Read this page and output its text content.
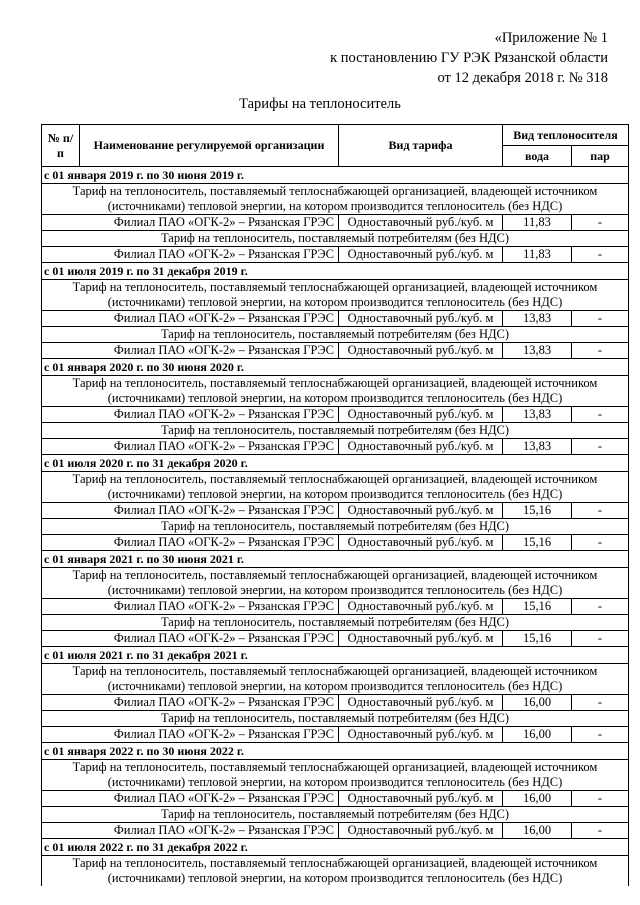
«Приложение № 1
к постановлению ГУ РЭК Рязанской области
от 12 декабря 2018 г. № 318
Тарифы на теплоноситель
№ п/п	Наименование регулируемой организации	Вид тарифа	Вид теплоносителя	
			вода	пар
с 01 января 2019 г. по 30 июня 2019 г.				
Тариф на теплоноситель, поставляемый теплоснабжающей организацией, владеющей источником (источниками) тепловой энергии, на котором производится теплоноситель (без НДС)				
Филиал ПАО «ОГК-2» – Рязанская ГРЭС		Одноставочный руб./куб. м	11,83	-
Тариф на теплоноситель, поставляемый потребителям (без НДС)				
Филиал ПАО «ОГК-2» – Рязанская ГРЭС		Одноставочный руб./куб. м	11,83	-
с 01 июля 2019 г. по 31 декабря 2019 г.				
Тариф на теплоноситель, поставляемый теплоснабжающей организацией, владеющей источником (источниками) тепловой энергии, на котором производится теплоноситель (без НДС)				
Филиал ПАО «ОГК-2» – Рязанская ГРЭС		Одноставочный руб./куб. м	13,83	-
Тариф на теплоноситель, поставляемый потребителям (без НДС)				
Филиал ПАО «ОГК-2» – Рязанская ГРЭС		Одноставочный руб./куб. м	13,83	-
с 01 января 2020 г. по 30 июня 2020 г.				
Тариф на теплоноситель, поставляемый теплоснабжающей организацией, владеющей источником (источниками) тепловой энергии, на котором производится теплоноситель (без НДС)				
Филиал ПАО «ОГК-2» – Рязанская ГРЭС		Одноставочный руб./куб. м	13,83	-
Тариф на теплоноситель, поставляемый потребителям (без НДС)				
Филиал ПАО «ОГК-2» – Рязанская ГРЭС		Одноставочный руб./куб. м	13,83	-
с 01 июля 2020 г. по 31 декабря 2020 г.				
Тариф на теплоноситель, поставляемый теплоснабжающей организацией, владеющей источником (источниками) тепловой энергии, на котором производится теплоноситель (без НДС)				
Филиал ПАО «ОГК-2» – Рязанская ГРЭС		Одноставочный руб./куб. м	15,16	-
Тариф на теплоноситель, поставляемый потребителям (без НДС)				
Филиал ПАО «ОГК-2» – Рязанская ГРЭС		Одноставочный руб./куб. м	15,16	-
с 01 января 2021 г. по 30 июня 2021 г.				
Тариф на теплоноситель, поставляемый теплоснабжающей организацией, владеющей источником (источниками) тепловой энергии, на котором производится теплоноситель (без НДС)				
Филиал ПАО «ОГК-2» – Рязанская ГРЭС		Одноставочный руб./куб. м	15,16	-
Тариф на теплоноситель, поставляемый потребителям (без НДС)				
Филиал ПАО «ОГК-2» – Рязанская ГРЭС		Одноставочный руб./куб. м	15,16	-
с 01 июля 2021 г. по 31 декабря 2021 г.				
Тариф на теплоноситель, поставляемый теплоснабжающей организацией, владеющей источником (источниками) тепловой энергии, на котором производится теплоноситель (без НДС)				
Филиал ПАО «ОГК-2» – Рязанская ГРЭС		Одноставочный руб./куб. м	16,00	-
Тариф на теплоноситель, поставляемый потребителям (без НДС)				
Филиал ПАО «ОГК-2» – Рязанская ГРЭС		Одноставочный руб./куб. м	16,00	-
с 01 января 2022 г. по 30 июня 2022 г.				
Тариф на теплоноситель, поставляемый теплоснабжающей организацией, владеющей источником (источниками) тепловой энергии, на котором производится теплоноситель (без НДС)				
Филиал ПАО «ОГК-2» – Рязанская ГРЭС		Одноставочный руб./куб. м	16,00	-
Тариф на теплоноситель, поставляемый потребителям (без НДС)				
Филиал ПАО «ОГК-2» – Рязанская ГРЭС		Одноставочный руб./куб. м	16,00	-
с 01 июля 2022 г. по 31 декабря 2022 г.				
Тариф на теплоноситель, поставляемый теплоснабжающей организацией, владеющей источником (источниками) тепловой энергии, на котором производится теплоноситель (без НДС)				
